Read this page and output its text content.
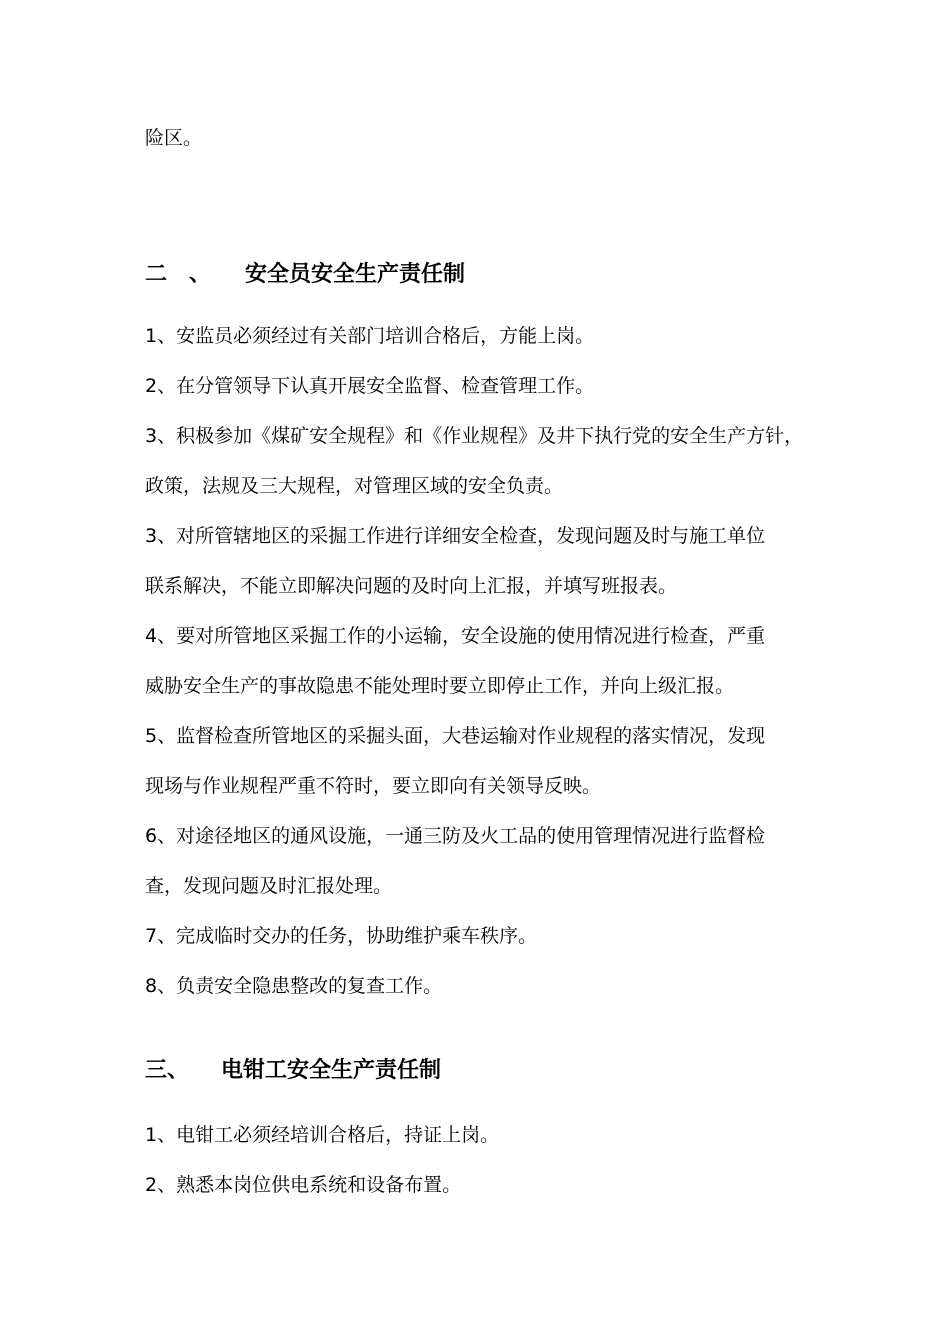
险区。

二　、 安全员安全生产责任制

1、安监员必须经过有关部门培训合格后，方能上岗。

2、在分管领导下认真开展安全监督、检查管理工作。

3、积极参加《煤矿安全规程》和《作业规程》及井下执行党的安全生产方针，

政策，法规及三大规程，对管理区域的安全负责。

3、对所管辖地区的采掘工作进行详细安全检查，发现问题及时与施工单位

联系解决，不能立即解决问题的及时向上汇报，并填写班报表。

4、要对所管地区采掘工作的小运输，安全设施的使用情况进行检查，严重

威胁安全生产的事故隐患不能处理时要立即停止工作，并向上级汇报。

5、监督检查所管地区的采掘头面，大巷运输对作业规程的落实情况，发现

现场与作业规程严重不符时，要立即向有关领导反映。

6、对途径地区的通风设施，一通三防及火工品的使用管理情况进行监督检

查，发现问题及时汇报处理。

7、完成临时交办的任务，协助维护乘车秩序。

8、负责安全隐患整改的复查工作。

三、 电钳工安全生产责任制

1、电钳工必须经培训合格后，持证上岗。

2、熟悉本岗位供电系统和设备布置。
